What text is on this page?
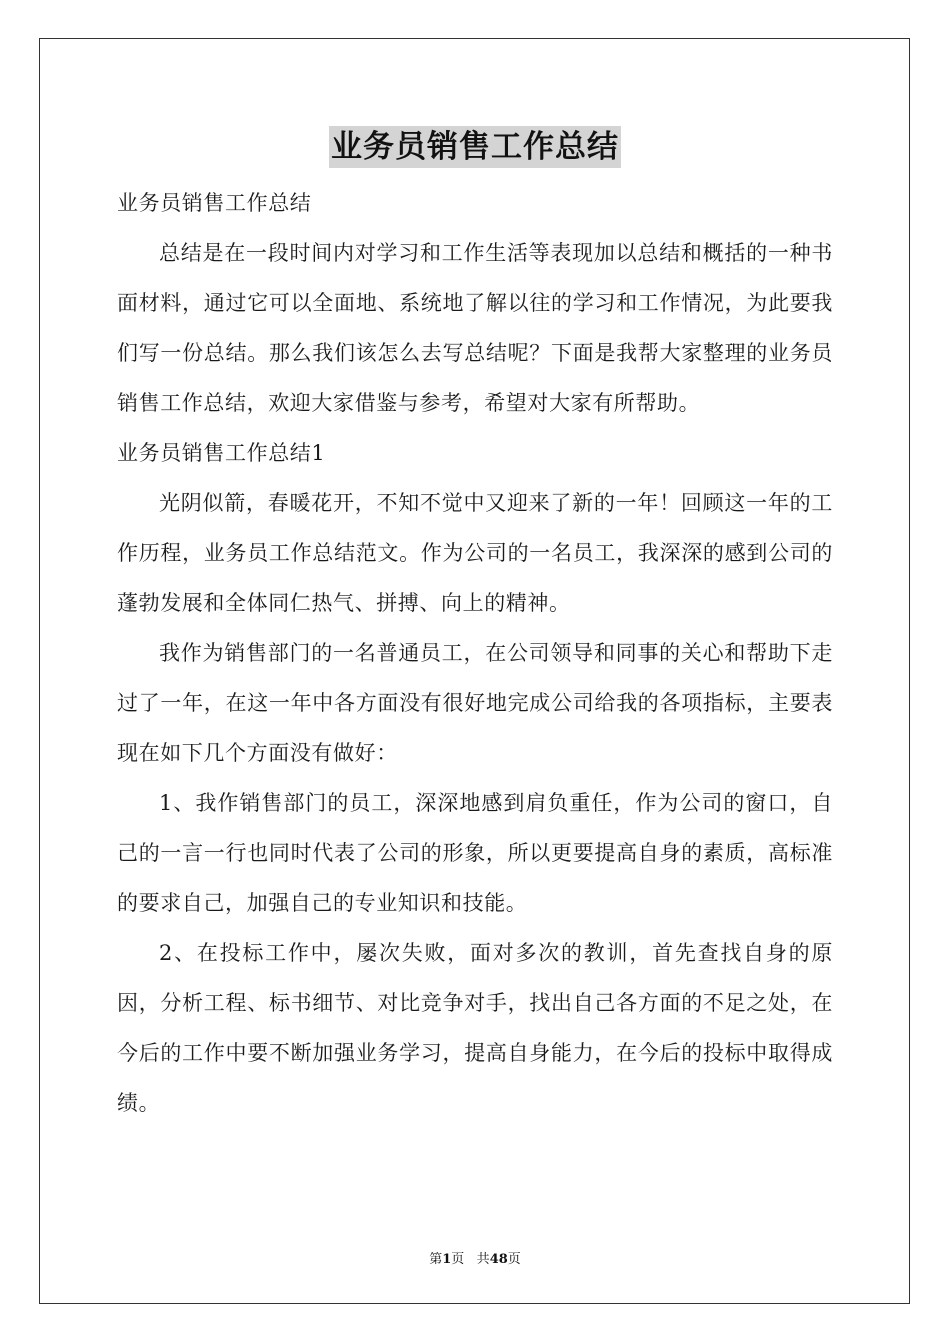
业务员销售工作总结

业务员销售工作总结

总结是在一段时间内对学习和工作生活等表现加以总结和概括的一种书面材料，通过它可以全面地、系统地了解以往的学习和工作情况，为此要我们写一份总结。那么我们该怎么去写总结呢？下面是我帮大家整理的业务员销售工作总结，欢迎大家借鉴与参考，希望对大家有所帮助。

业务员销售工作总结1

光阴似箭，春暖花开，不知不觉中又迎来了新的一年！回顾这一年的工作历程，业务员工作总结范文。作为公司的一名员工，我深深的感到公司的蓬勃发展和全体同仁热气、拼搏、向上的精神。

我作为销售部门的一名普通员工，在公司领导和同事的关心和帮助下走过了一年，在这一年中各方面没有很好地完成公司给我的各项指标，主要表现在如下几个方面没有做好：

1、我作销售部门的员工，深深地感到肩负重任，作为公司的窗口，自己的一言一行也同时代表了公司的形象，所以更要提高自身的素质，高标准的要求自己，加强自己的专业知识和技能。

2、在投标工作中，屡次失败，面对多次的教训，首先查找自身的原因，分析工程、标书细节、对比竞争对手，找出自己各方面的不足之处，在今后的工作中要不断加强业务学习，提高自身能力，在今后的投标中取得成绩。

第1页 共48页
